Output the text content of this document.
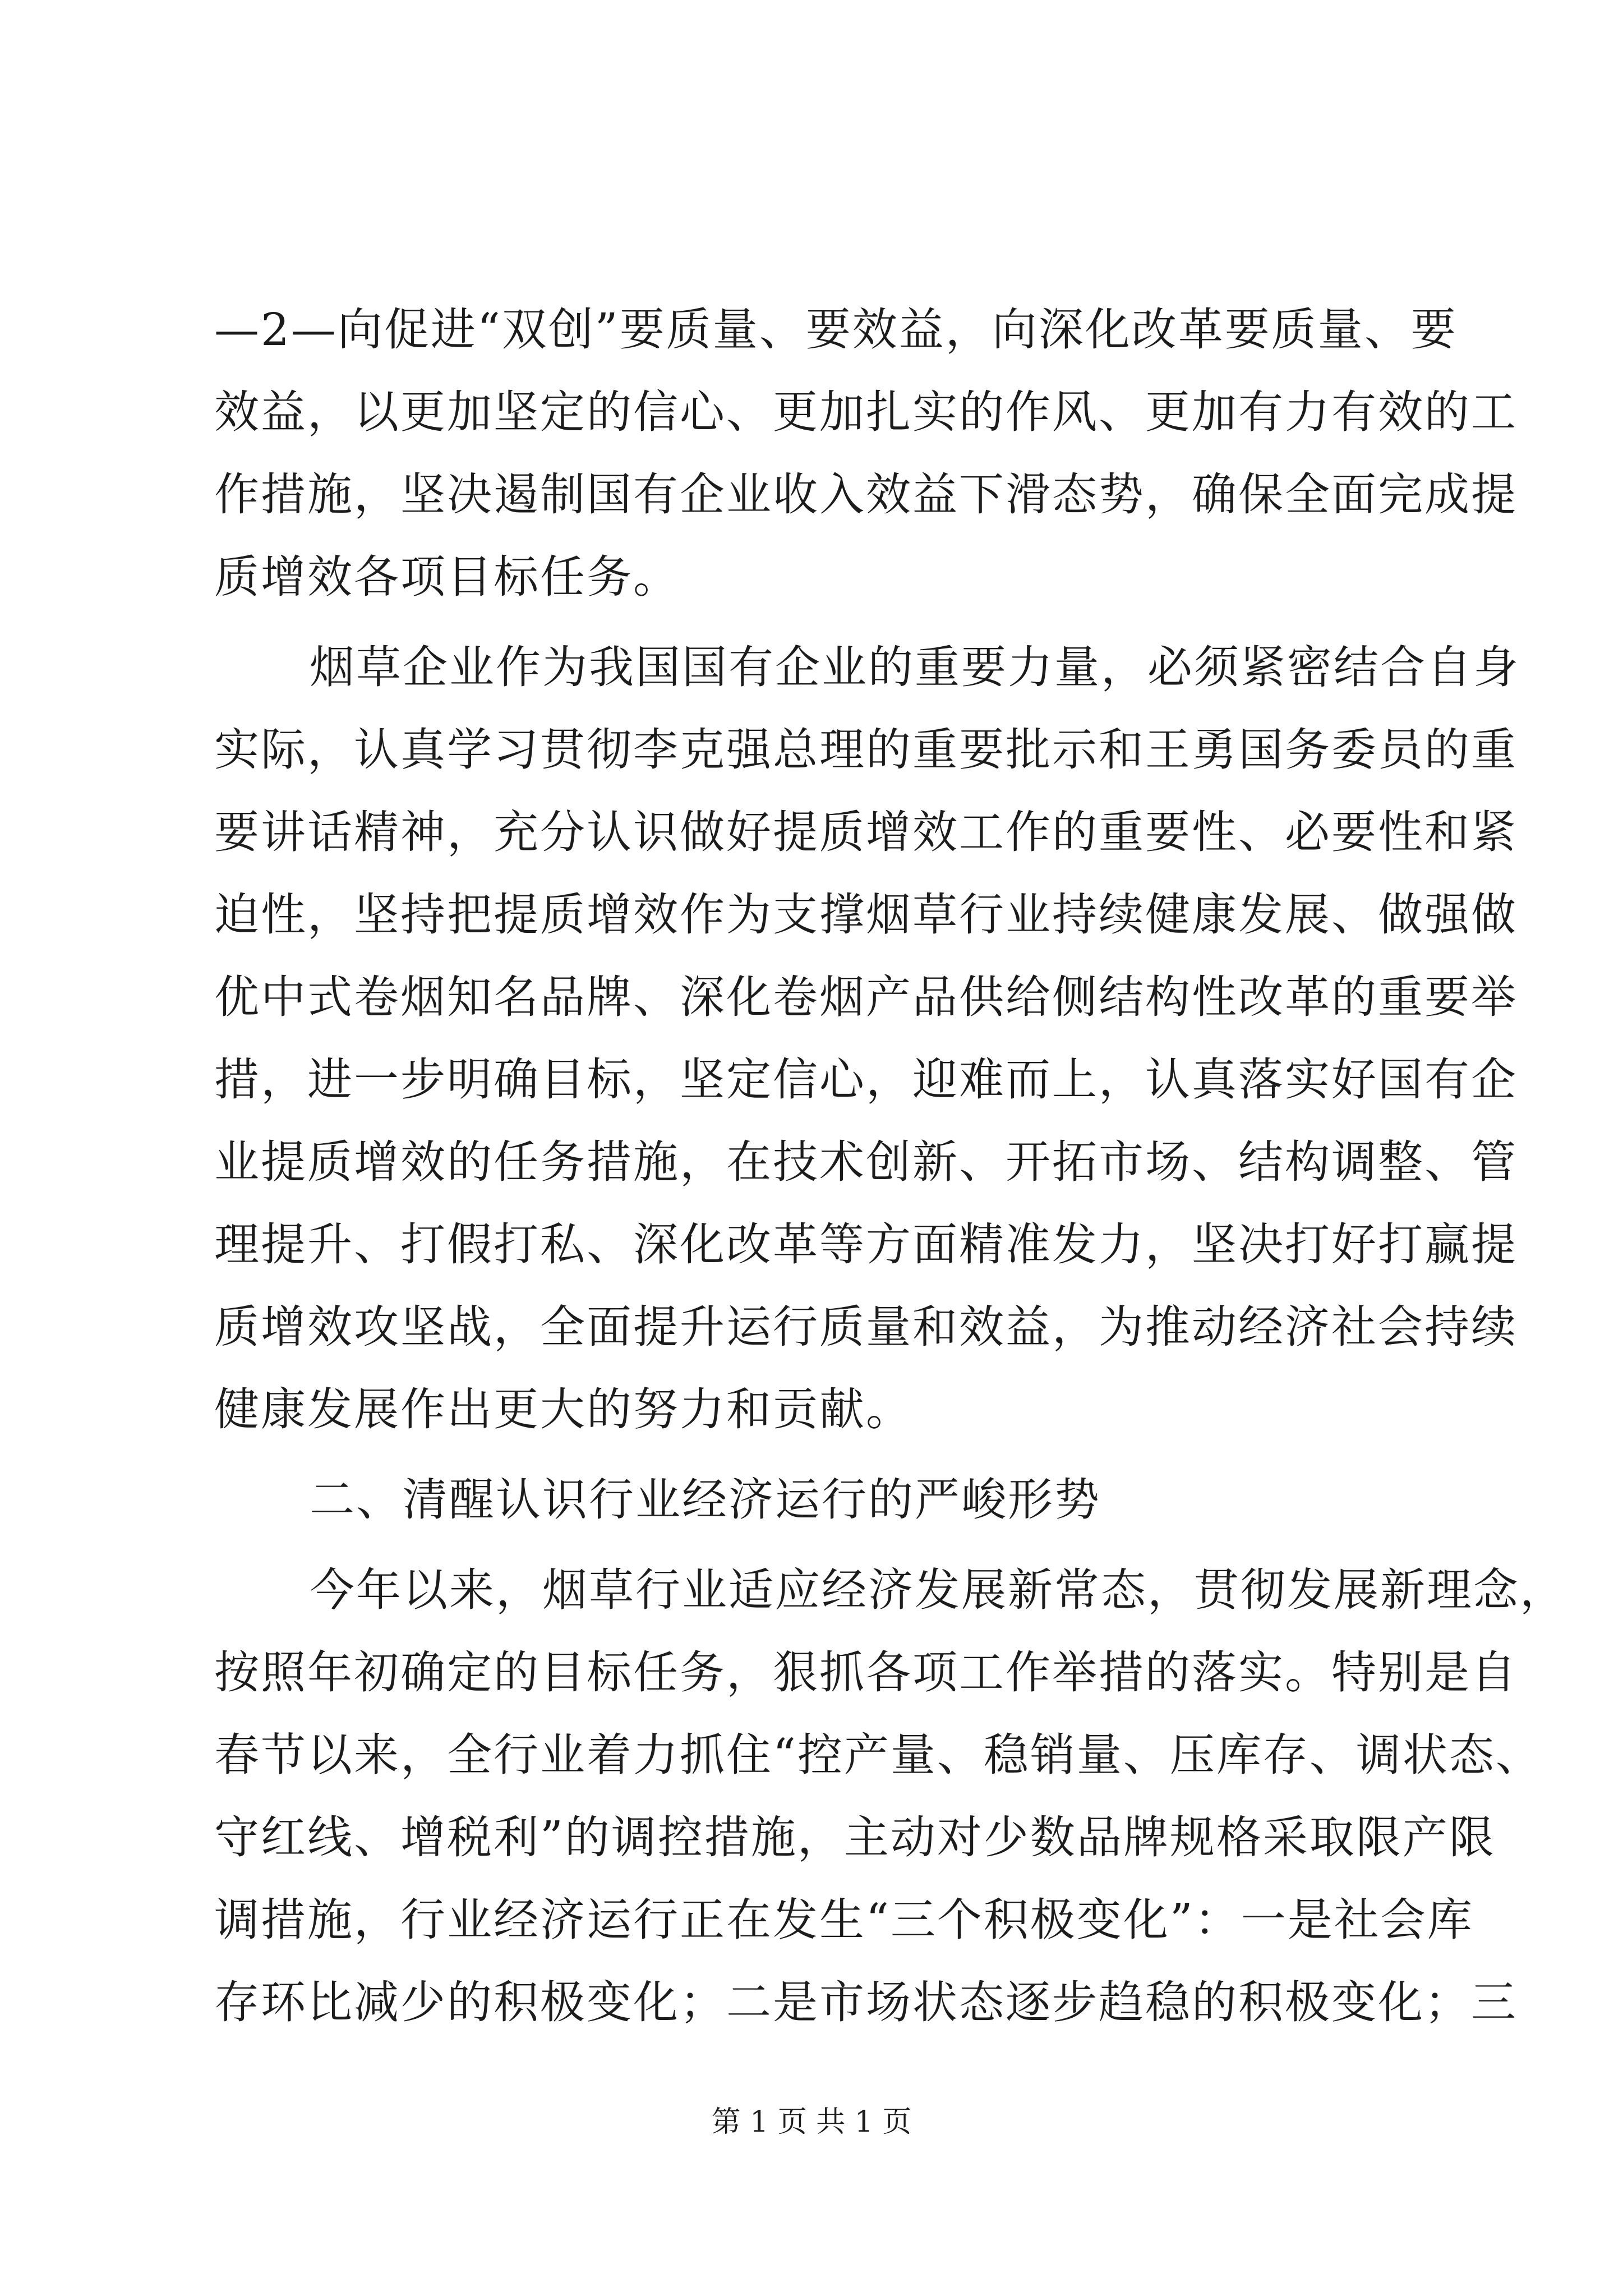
—2—向促进“双创”要质量、要效益，向深化改革要质量、要
效益，以更加坚定的信心、更加扎实的作风、更加有力有效的工
作措施，坚决遏制国有企业收入效益下滑态势，确保全面完成提
质增效各项目标任务。

烟草企业作为我国国有企业的重要力量，必须紧密结合自身
实际，认真学习贯彻李克强总理的重要批示和王勇国务委员的重
要讲话精神，充分认识做好提质增效工作的重要性、必要性和紧
迫性，坚持把提质增效作为支撑烟草行业持续健康发展、做强做
优中式卷烟知名品牌、深化卷烟产品供给侧结构性改革的重要举
措，进一步明确目标，坚定信心，迎难而上，认真落实好国有企
业提质增效的任务措施，在技术创新、开拓市场、结构调整、管
理提升、打假打私、深化改革等方面精准发力，坚决打好打赢提
质增效攻坚战，全面提升运行质量和效益，为推动经济社会持续
健康发展作出更大的努力和贡献。

二、清醒认识行业经济运行的严峻形势

今年以来，烟草行业适应经济发展新常态，贯彻发展新理念，
按照年初确定的目标任务，狠抓各项工作举措的落实。特别是自
春节以来，全行业着力抓住“控产量、稳销量、压库存、调状态、
守红线、增税利”的调控措施，主动对少数品牌规格采取限产限
调措施，行业经济运行正在发生“三个积极变化”：一是社会库
存环比减少的积极变化；二是市场状态逐步趋稳的积极变化；三

第 1 页 共 1 页
